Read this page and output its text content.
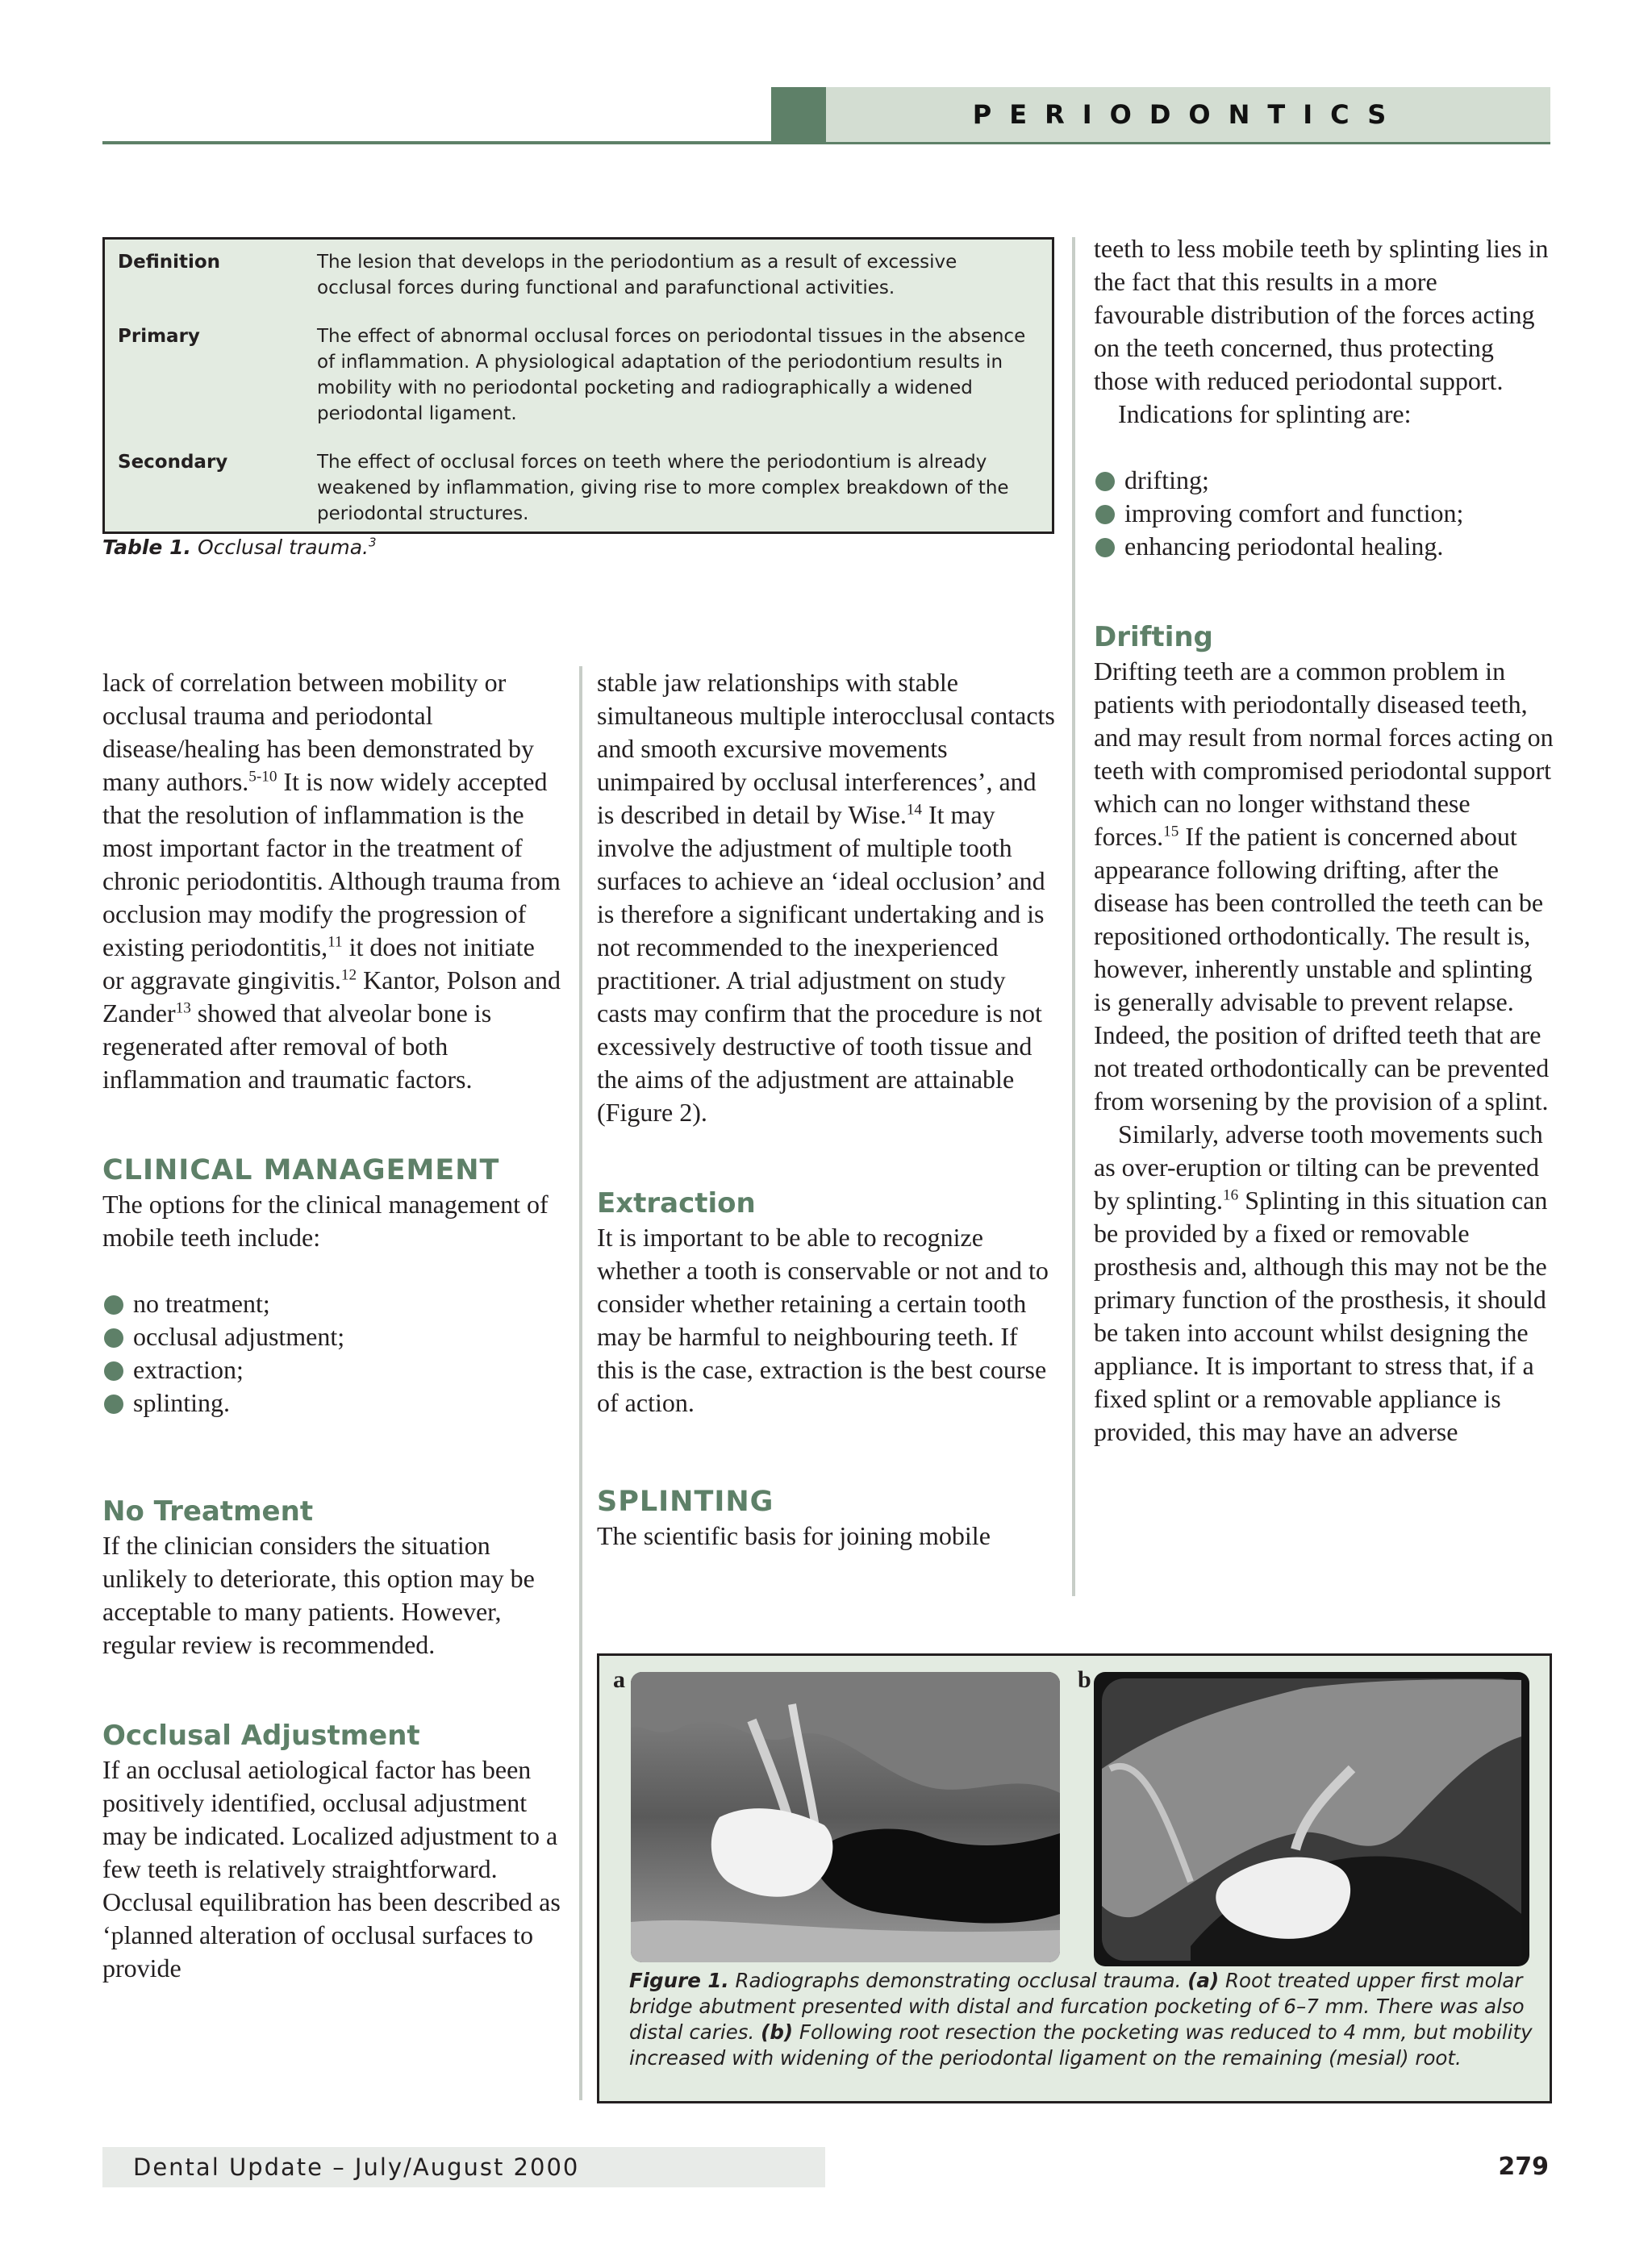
PERIODONTICS
Definition	The lesion that develops in the periodontium as a result of excessive occlusal forces during functional and parafunctional activities.
Primary	The effect of abnormal occlusal forces on periodontal tissues in the absence of inflammation. A physiological adaptation of the periodontium results in mobility with no periodontal pocketing and radiographically a widened periodontal ligament.
Secondary	The effect of occlusal forces on teeth where the periodontium is already weakened by inflammation, giving rise to more complex breakdown of the periodontal structures.
Table 1. Occlusal trauma.$^3$

lack of correlation between mobility or occlusal trauma and periodontal disease/healing has been demonstrated by many authors.$^{5-10}$ It is now widely accepted that the resolution of inflammation is the most important factor in the treatment of chronic periodontitis. Although trauma from occlusion may modify the progression of existing periodontitis,$^{11}$ it does not initiate or aggravate gingivitis.$^{12}$ Kantor, Polson and Zander$^{13}$ showed that alveolar bone is regenerated after removal of both inflammation and traumatic factors.

CLINICAL MANAGEMENT

The options for the clinical management of mobile teeth include:

no treatment;
occlusal adjustment;
extraction;
splinting.
No Treatment

If the clinician considers the situation unlikely to deteriorate, this option may be acceptable to many patients. However, regular review is recommended.

Occlusal Adjustment

If an occlusal aetiological factor has been positively identified, occlusal adjustment may be indicated. Localized adjustment to a few teeth is relatively straightforward. Occlusal equilibration has been described as ‘planned alteration of occlusal surfaces to provide

stable jaw relationships with stable simultaneous multiple interocclusal contacts and smooth excursive movements unimpaired by occlusal interferences’, and is described in detail by Wise.$^{14}$ It may involve the adjustment of multiple tooth surfaces to achieve an ‘ideal occlusion’ and is therefore a significant undertaking and is not recommended to the inexperienced practitioner. A trial adjustment on study casts may confirm that the procedure is not excessively destructive of tooth tissue and the aims of the adjustment are attainable (Figure 2).

Extraction

It is important to be able to recognize whether a tooth is conservable or not and to consider whether retaining a certain tooth may be harmful to neighbouring teeth. If this is the case, extraction is the best course of action.

SPLINTING

The scientific basis for joining mobile

teeth to less mobile teeth by splinting lies in the fact that this results in a more favourable distribution of the forces acting on the teeth concerned, thus protecting those with reduced periodontal support.

Indications for splinting are:

drifting;
improving comfort and function;
enhancing periodontal healing.
Drifting

Drifting teeth are a common problem in patients with periodontally diseased teeth, and may result from normal forces acting on teeth with compromised periodontal support which can no longer withstand these forces.$^{15}$ If the patient is concerned about appearance following drifting, after the disease has been controlled the teeth can be repositioned orthodontically. The result is, however, inherently unstable and splinting is generally advisable to prevent relapse. Indeed, the position of drifted teeth that are not treated orthodontically can be prevented from worsening by the provision of a splint.

Similarly, adverse tooth movements such as over-eruption or tilting can be prevented by splinting.$^{16}$ Splinting in this situation can be provided by a fixed or removable prosthesis and, although this may not be the primary function of the prosthesis, it should be taken into account whilst designing the appliance. It is important to stress that, if a fixed splint or a removable appliance is provided, this may have an adverse

a	b
Figure 1. Radiographs demonstrating occlusal trauma. (a) Root treated upper first molar bridge abutment presented with distal and furcation pocketing of 6–7 mm. There was also distal caries. (b) Following root resection the pocketing was reduced to 4 mm, but mobility increased with widening of the periodontal ligament on the remaining (mesial) root.
Dental Update – July/August 2000	279
